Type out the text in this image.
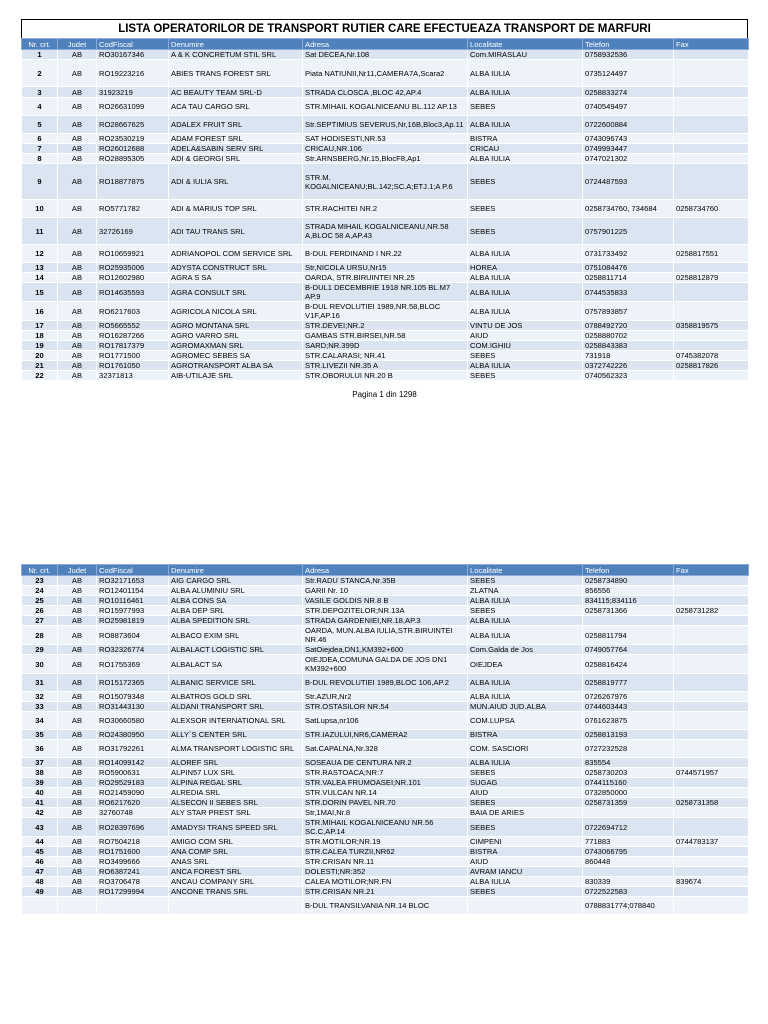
LISTA OPERATORILOR DE TRANSPORT RUTIER CARE EFECTUEAZA TRANSPORT DE MARFURI
Nr. crt.	Judet	CodFiscal	Denumire	Adresa	Localitate	Telefon	Fax
1	AB	RO30167346	A & K CONCRETUM STIL SRL	Sat DECEA,Nr.108	Com.MIRASLAU	0758932536	
2	AB	RO19223216	ABIES TRANS FOREST SRL	Piata NATIUNII,Nr11,CAMERA7A,Scara2	ALBA IULIA	0735124497	
3	AB	31923219	AC BEAUTY TEAM SRL-D	STRADA CLOSCA ,BLOC 42,AP.4	ALBA IULIA	0258833274	
4	AB	RO26631099	ACA TAU CARGO SRL	STR.MIHAIL KOGALNICEANU BL.112 AP.13	SEBES	0740549497	
5	AB	RO28667625	ADALEX FRUIT SRL	Str.SEPTIMIUS SEVERUS,Nr,16B,Bloc3,Ap.11	ALBA IULIA	0722600884	
6	AB	RO23530219	ADAM FOREST SRL	SAT HODISESTI,NR.53	BISTRA	0743096743	
7	AB	RO26012688	ADELA&SABIN SERV SRL	CRICAU,NR.106	CRICAU	0749993447	
8	AB	RO28895305	ADI & GEORGI SRL	Str.ARNSBERG,Nr.15,BlocF8,Ap1	ALBA IULIA	0747021302	
9	AB	RO18877875	ADI & IULIA SRL	STR.M. KOGALNICEANU;BL.142;SC.A;ETJ.1;A P.6	SEBES	0724487593	
10	AB	RO5771782	ADI & MARIUS TOP SRL	STR.RACHITEI NR.2	SEBES	0258734760, 734684	0258734760
11	AB	32726169	ADI TAU TRANS SRL	STRADA MIHAIL KOGALNICEANU,NR.58 A,BLOC 58 A,AP.43	SEBES	0757901225	
12	AB	RO10659921	ADRIANOPOL COM SERVICE SRL	B-DUL FERDINAND I NR.22	ALBA IULIA	0731733492	0258817551
13	AB	RO25935006	ADYSTA CONSTRUCT SRL	Str,NICOLA URSU,Nr15	HOREA	0751084476	
14	AB	RO12602980	AGRA S SA	OARDA, STR.BIRUINTEI NR.25	ALBA IULIA	0258811714	0258812879
15	AB	RO14635593	AGRA CONSULT SRL	B-DUL1 DECEMBRIE 1918 NR.105 BL.M7 AP.9	ALBA IULIA	0744535833	
16	AB	RO6217603	AGRICOLA NICOLA SRL	B-DUL REVOLUTIEI 1989,NR.58,BLOC V1F,AP.16	ALBA IULIA	0757893857	
17	AB	RO5665552	AGRO MONTANA SRL	STR.DEVEI;NR.2	VINTU DE JOS	0788492720	0358819575
18	AB	RO16287266	AGRO VARRO SRL	GAMBAS STR.BIRSEI,NR.58	AIUD	0258880702	
19	AB	RO17817379	AGROMAXMAN SRL	SARD;NR.399D	COM.IGHIU	0258843383	
20	AB	RO1771500	AGROMEC SEBES SA	STR.CALARASI; NR.41	SEBES	731918	0745382078
21	AB	RO1761050	AGROTRANSPORT ALBA SA	STR.LIVEZII NR.35 A	ALBA IULIA	0372742226	0258817826
22	AB	32371813	AIB-UTILAJE SRL	STR.OBORULUI NR.20 B	SEBES	0740562323	
Pagina 1 din 1298
Nr. crt.	Judet	CodFiscal	Denumire	Adresa	Localitate	Telefon	Fax
23	AB	RO32171653	AIG CARGO SRL	Str.RADU STANCA,Nr.35B	SEBES	0258734890	
24	AB	RO12401154	ALBA ALUMINIU SRL	GARII Nr. 10	ZLATNA	856556	
25	AB	RO10116461	ALBA CONS SA	VASILE GOLDIS NR.8 B	ALBA IULIA	834115;834116	
26	AB	RO15977993	ALBA DEP SRL	STR.DEPOZITELOR;NR.13A	SEBES	0258731366	0258731282
27	AB	RO25981819	ALBA SPEDITION SRL	STRADA GARDENIEI,NR.18,AP.3	ALBA IULIA		
28	AB	RO8873604	ALBACO EXIM SRL	OARDA, MUN.ALBA IULIA,STR.BIRUINTEI NR.46	ALBA IULIA	0258811794	
29	AB	RO32326774	ALBALACT LOGISTIC SRL	SatOiejdea,DN1,KM392+600	Com.Galda de Jos	0749057764	
30	AB	RO1755369	ALBALACT SA	OIEJDEA,COMUNA GALDA DE JOS DN1 KM392+600	OIEJDEA	0258816424	
31	AB	RO15172365	ALBANIC SERVICE SRL	B-DUL REVOLUTIEI 1989,BLOC 106,AP.2	ALBA IULIA	0258819777	
32	AB	RO15079348	ALBATROS GOLD SRL	Str.AZUR,Nr2	ALBA IULIA	0726267976	
33	AB	RO31443130	ALDANI TRANSPORT SRL	STR.OSTASILOR NR.54	MUN.AIUD JUD.ALBA	0744603443	
34	AB	RO30660580	ALEXSOR INTERNATIONAL SRL	SatLupsa,nr106	COM.LUPSA	0761623875	
35	AB	RO24380950	ALLY`S CENTER SRL	STR.IAZULUI,NR6,CAMERA2	BISTRA	0258813193	
36	AB	RO31792261	ALMA TRANSPORT LOGISTIC SRL	Sat.CAPALNA,Nr.328	COM. SASCIORI	0727232528	
37	AB	RO14099142	ALOREF SRL	SOSEAUA DE CENTURA NR.2	ALBA IULIA	835554	
38	AB	RO5900631	ALPIN57 LUX SRL	STR.RASTOACA;NR:7	SEBES	0258730203	0744571957
39	AB	RO29529183	ALPINA REGAL SRL	STR.VALEA FRUMOASEI;NR.101	SUGAG	0744115160	
40	AB	RO21459090	ALREDIA SRL	STR.VULCAN NR.14	AIUD	0732850000	
41	AB	RO6217620	ALSECON II SEBES SRL	STR.DORIN PAVEL NR.70	SEBES	0258731359	0258731358
42	AB	32760748	ALY STAR PREST SRL	Str,1MAI,Nr.8	BAIA DE ARIES		
43	AB	RO28397696	AMADYSI TRANS SPEED SRL	STR.MIHAIL KOGALNICEANU NR.56 SC.C,AP.14	SEBES	0722694712	
44	AB	RO7504218	AMIGO COM SRL	STR.MOTILOR;NR.19	CIMPENI	771883	0744783137
45	AB	RO1751600	ANA COMP SRL	STR.CALEA TURZII,NR62	BISTRA	0743066795	
46	AB	RO3499666	ANAS SRL	STR.CRISAN NR.11	AIUD	860448	
47	AB	RO6387241	ANCA FOREST SRL	DOLESTI;NR:352	AVRAM IANCU		
48	AB	RO3706478	ANCAU COMPANY SRL	CALEA MOTILOR;NR.FN	ALBA IULIA	830339	839674
49	AB	RO17299994	ANCONE TRANS SRL	STR.CRISAN NR.21	SEBES	0722522583	
				B-DUL TRANSILVANIA NR.14 BLOC		0788831774;078840	
